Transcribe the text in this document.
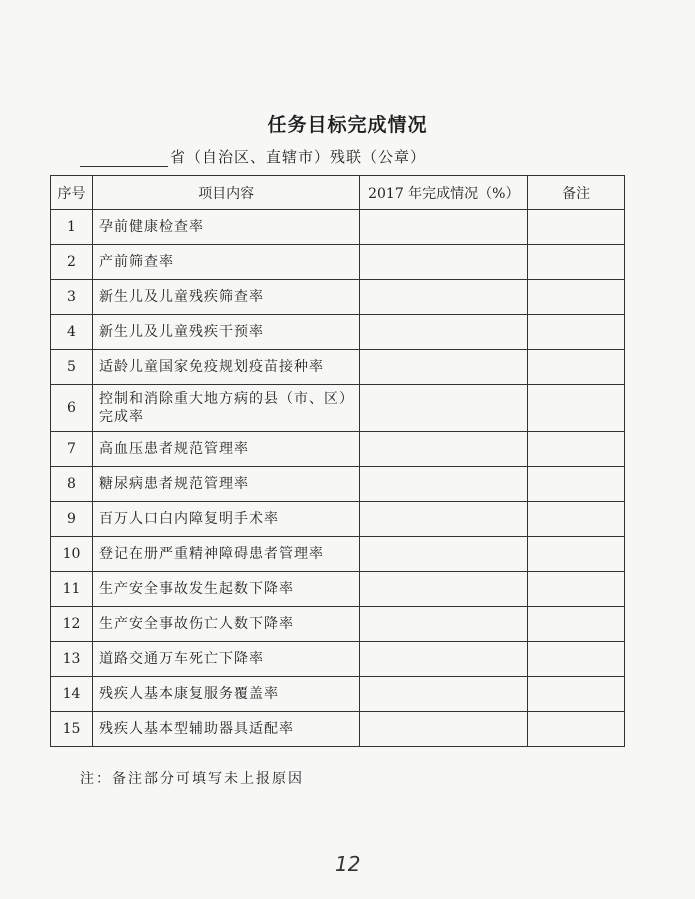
任务目标完成情况
省（自治区、直辖市）残联（公章）
序号	项目内容	2017 年完成情况（%）	备注
1	孕前健康检查率		
2	产前筛查率		
3	新生儿及儿童残疾筛查率		
4	新生儿及儿童残疾干预率		
5	适龄儿童国家免疫规划疫苗接种率		
6	控制和消除重大地方病的县（市、区）完成率		
7	高血压患者规范管理率		
8	糖尿病患者规范管理率		
9	百万人口白内障复明手术率		
10	登记在册严重精神障碍患者管理率		
11	生产安全事故发生起数下降率		
12	生产安全事故伤亡人数下降率		
13	道路交通万车死亡下降率		
14	残疾人基本康复服务覆盖率		
15	残疾人基本型辅助器具适配率		
注：备注部分可填写未上报原因
12
